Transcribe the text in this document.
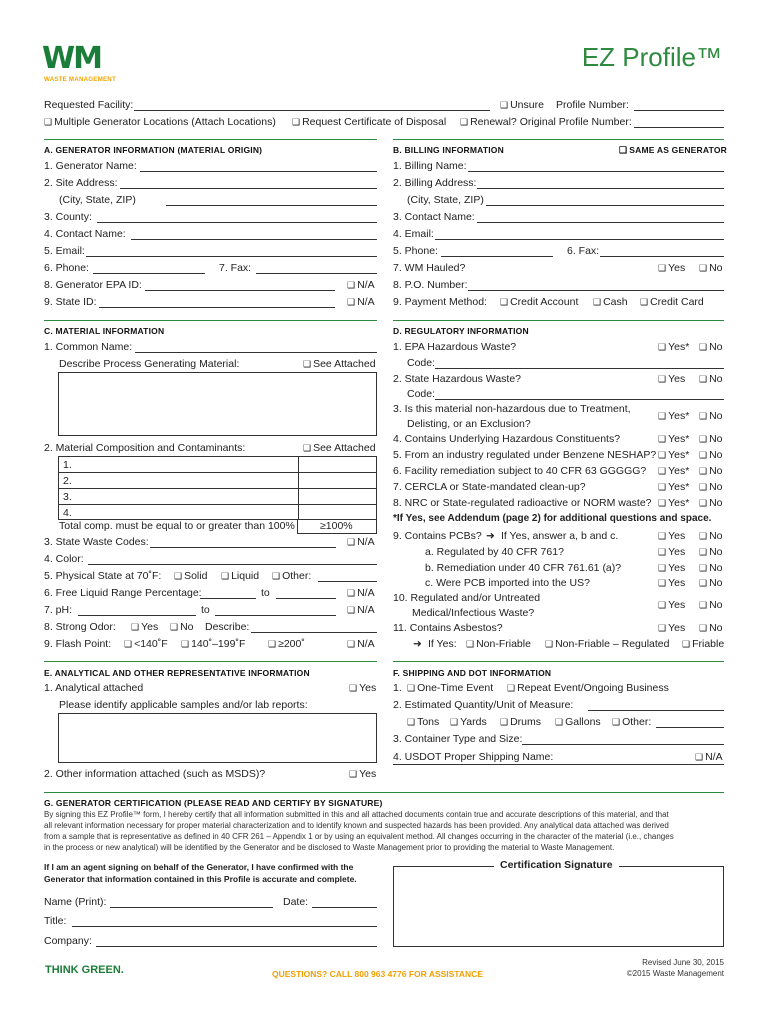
WM
WASTE MANAGEMENT
EZ Profile™
Requested Facility:	❑ Unsure Profile Number:
❑ Multiple Generator Locations (Attach Locations)	❑ Request Certificate of Disposal	❑ Renewal? Original Profile Number:
A. GENERATOR INFORMATION (MATERIAL ORIGIN)	B. BILLING INFORMATION	❑ SAME AS GENERATOR
1. Generator Name:
2. Site Address:
(City, State, ZIP)
3. County:
4. Contact Name:
5. Email:
6. Phone:	7. Fax:
8. Generator EPA ID:	❑ N/A
9. State ID:	❑ N/A
1. Billing Name:
2. Billing Address:
(City, State, ZIP)
3. Contact Name:
4. Email:
5. Phone:	6. Fax:
7. WM Hauled?	❑ Yes	❑ No
8. P.O. Number:
9. Payment Method:	❑ Credit Account	❑ Cash	❑ Credit Card
C. MATERIAL INFORMATION	D. REGULATORY INFORMATION
1. Common Name:
Describe Process Generating Material:	❑ See Attached
2. Material Composition and Contaminants:	❑ See Attached
1.
2.
3.
4.
Total comp. must be equal to or greater than 100% ≥100%
3. State Waste Codes:	❑ N/A
4. Color:
5. Physical State at 70˚F:	❑ Solid	❑ Liquid	❑ Other:
6. Free Liquid Range Percentage:	to	❑ N/A
7. pH:	to	❑ N/A
8. Strong Odor:	❑ Yes	❑ No Describe:
9. Flash Point:	❑ <140˚F	❑ 140˚–199˚F	❑ ≥200˚	❑ N/A
1. EPA Hazardous Waste?	❑ Yes*	❑ No
Code:
2. State Hazardous Waste?	❑ Yes	❑ No
Code:
3. Is this material non-hazardous due to Treatment,
Delisting, or an Exclusion?
❑ Yes*	❑ No
4. Contains Underlying Hazardous Constituents?	❑ Yes*	❑ No
5. From an industry regulated under Benzene NESHAP?	❑ Yes*	❑ No
6. Facility remediation subject to 40 CFR 63 GGGGG?	❑ Yes*	❑ No
7. CERCLA or State-mandated clean-up?	❑ Yes*	❑ No
8. NRC or State-regulated radioactive or NORM waste?	❑ Yes*	❑ No
*If Yes, see Addendum (page 2) for additional questions and space.
9. Contains PCBs? ➜ If Yes, answer a, b and c.	❑ Yes	❑ No
a. Regulated by 40 CFR 761?	❑ Yes	❑ No
b. Remediation under 40 CFR 761.61 (a)?	❑ Yes	❑ No
c. Were PCB imported into the US?	❑ Yes	❑ No
10. Regulated and/or Untreated
Medical/Infectious Waste?
❑ Yes	❑ No
11. Contains Asbestos?	❑ Yes	❑ No
➜ If Yes:	❑ Non-Friable	❑ Non-Friable – Regulated	❑ Friable
E. ANALYTICAL AND OTHER REPRESENTATIVE INFORMATION	F. SHIPPING AND DOT INFORMATION
1. Analytical attached	❑ Yes
Please identify applicable samples and/or lab reports:
2. Other information attached (such as MSDS)?	❑ Yes
1.	❑ One-Time Event	❑ Repeat Event/Ongoing Business
2. Estimated Quantity/Unit of Measure:
❑ Tons	❑ Yards	❑ Drums	❑ Gallons	❑ Other:
3. Container Type and Size:
4. USDOT Proper Shipping Name:	❑ N/A
G. GENERATOR CERTIFICATION (PLEASE READ AND CERTIFY BY SIGNATURE)
By signing this EZ Profile™ form, I hereby certify that all information submitted in this and all attached documents contain true and accurate descriptions of this material, and that
all relevant information necessary for proper material characterization and to identify known and suspected hazards has been provided. Any analytical data attached was derived
from a sample that is representative as defined in 40 CFR 261 – Appendix 1 or by using an equivalent method. All changes occurring in the character of the material (i.e., changes
in the process or new analytical) will be identified by the Generator and be disclosed to Waste Management prior to providing the material to Waste Management.
If I am an agent signing on behalf of the Generator, I have confirmed with the
Generator that information contained in this Profile is accurate and complete.
Certification Signature
Name (Print):	Date:
Title:
Company:
THINK GREEN.	QUESTIONS? CALL 800 963 4776 FOR ASSISTANCE
Revised June 30, 2015
©2015 Waste Management
